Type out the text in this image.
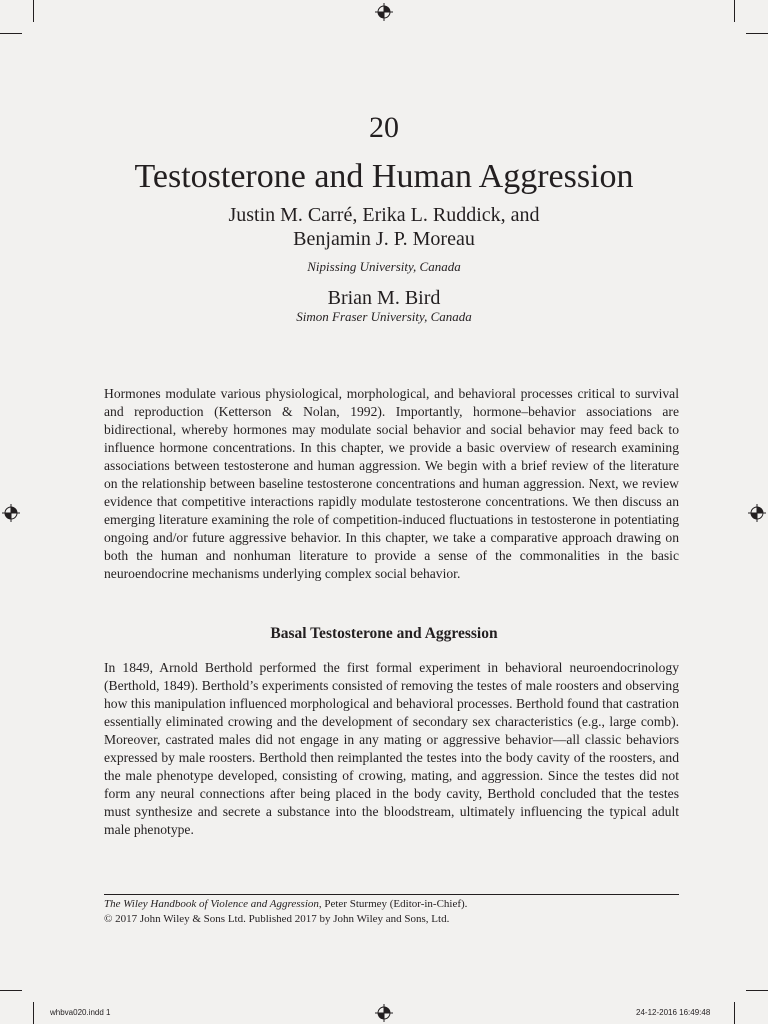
20
Testosterone and Human Aggression
Justin M. Carré, Erika L. Ruddick, and
Benjamin J. P. Moreau
Nipissing University, Canada
Brian M. Bird
Simon Fraser University, Canada

Hormones modulate various physiological, morphological, and behavioral processes critical to survival and reproduction (Ketterson & Nolan, 1992). Importantly, hormone–behavior associations are bidirectional, whereby hormones may modulate social behavior and social behavior may feed back to influence hormone concentrations. In this chapter, we provide a basic overview of research examining associations between testosterone and human aggression. We begin with a brief review of the literature on the relationship between baseline testosterone concentrations and human aggression. Next, we review evidence that competitive interactions rapidly modulate testosterone concentrations. We then discuss an emerging literature examining the role of competition-induced fluctuations in testosterone in potentiating ongoing and/or future aggressive behavior. In this chapter, we take a comparative approach drawing on both the human and nonhuman literature to provide a sense of the commonalities in the basic neuroendocrine mechanisms underlying complex social behavior.

Basal Testosterone and Aggression

In 1849, Arnold Berthold performed the first formal experiment in behavioral neuroendocrinology (Berthold, 1849). Berthold’s experiments consisted of removing the testes of male roosters and observing how this manipulation influenced morphological and behavioral processes. Berthold found that castration essentially eliminated crowing and the development of secondary sex characteristics (e.g., large comb). Moreover, castrated males did not engage in any mating or aggressive behavior—all classic behaviors expressed by male roosters. Berthold then reimplanted the testes into the body cavity of the roosters, and the male phenotype developed, consisting of crowing, mating, and aggression. Since the testes did not form any neural connections after being placed in the body cavity, Berthold concluded that the testes must synthesize and secrete a substance into the bloodstream, ultimately influencing the typical adult male phenotype.

The Wiley Handbook of Violence and Aggression, Peter Sturmey (Editor-in-Chief).
© 2017 John Wiley & Sons Ltd. Published 2017 by John Wiley and Sons, Ltd.
whbva020.indd 1	24-12-2016 16:49:48
